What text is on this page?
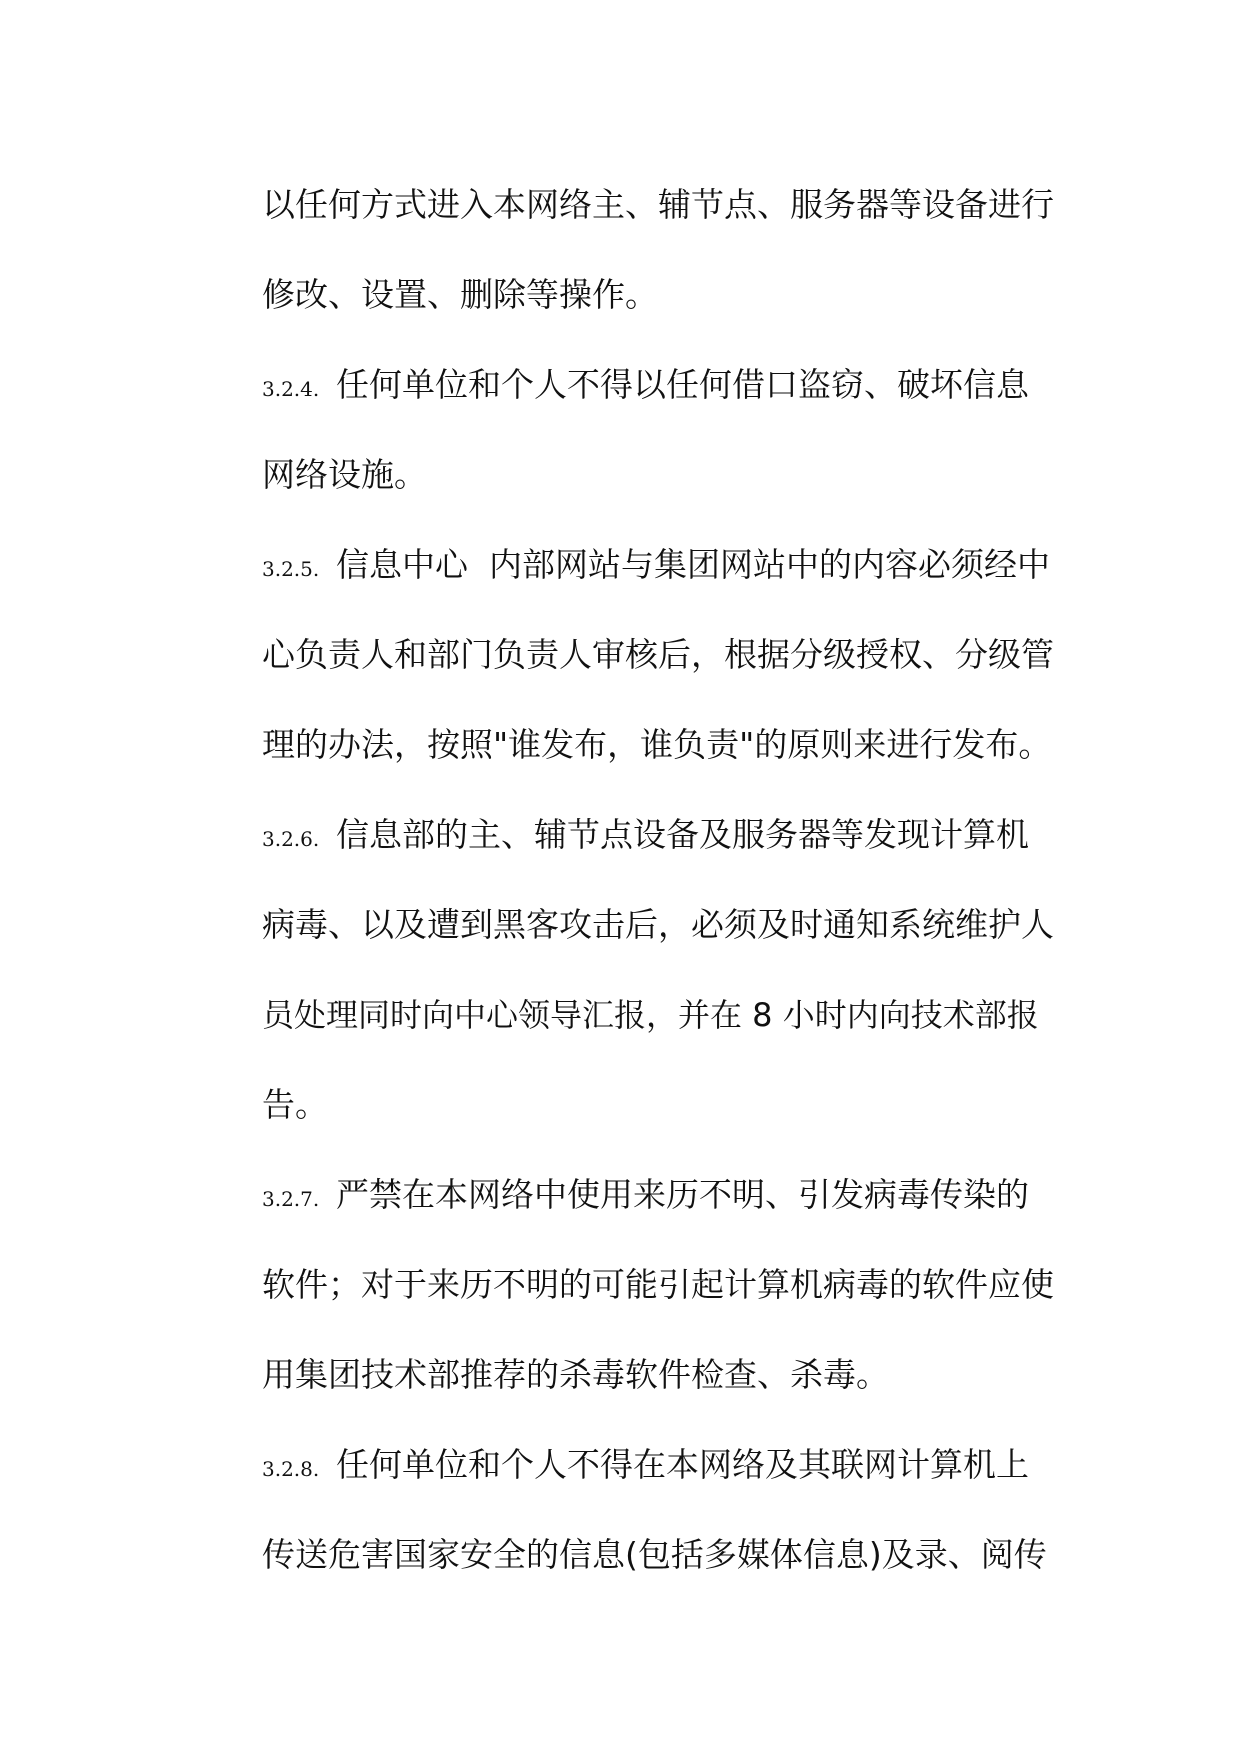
以任何方式进入本网络主、辅节点、服务器等设备进行
修改、设置、删除等操作。
3.2.4. 任何单位和个人不得以任何借口盗窃、破坏信息
网络设施。
3.2.5. 信息中心  内部网站与集团网站中的内容必须经中
心负责人和部门负责人审核后，根据分级授权、分级管
理的办法，按照"谁发布，谁负责"的原则来进行发布。
3.2.6. 信息部的主、辅节点设备及服务器等发现计算机
病毒、以及遭到黑客攻击后，必须及时通知系统维护人
员处理同时向中心领导汇报，并在 8 小时内向技术部报
告。
3.2.7. 严禁在本网络中使用来历不明、引发病毒传染的
软件；对于来历不明的可能引起计算机病毒的软件应使
用集团技术部推荐的杀毒软件检查、杀毒。
3.2.8. 任何单位和个人不得在本网络及其联网计算机上
传送危害国家安全的信息(包括多媒体信息)及录、阅传
